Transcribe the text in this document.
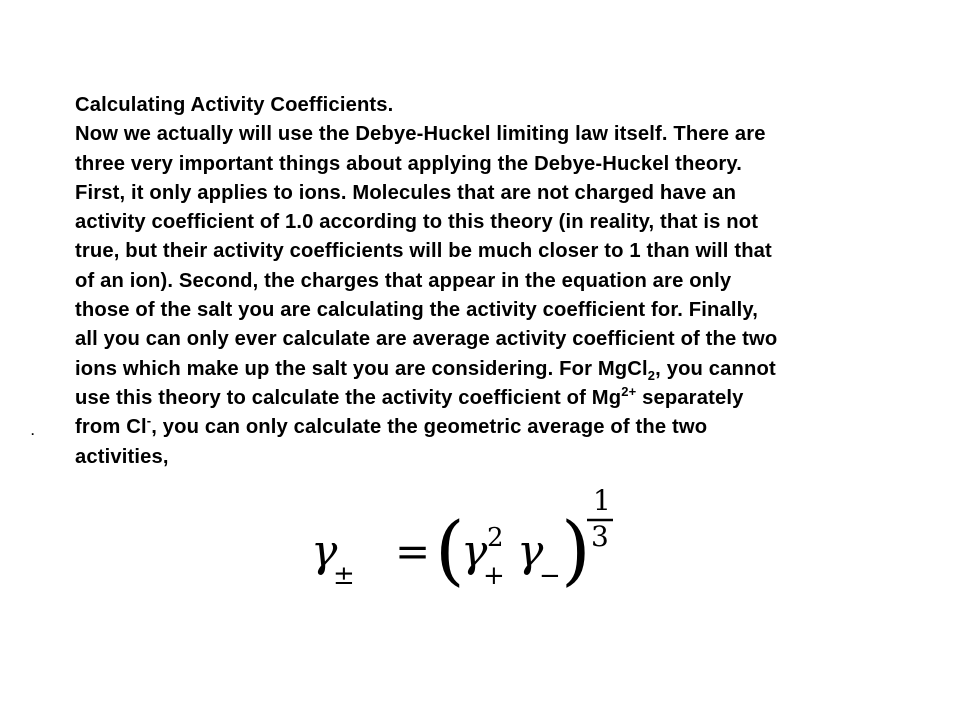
Calculating Activity Coefficients.
Now we actually will use the Debye-Huckel limiting law itself. There are
three very important things about applying the Debye-Huckel theory.
First, it only applies to ions. Molecules that are not charged have an
activity coefficient of 1.0 according to this theory (in reality, that is not
true, but their activity coefficients will be much closer to 1 than will that
of an ion). Second, the charges that appear in the equation are only
those of the salt you are calculating the activity coefficient for. Finally,
all you can only ever calculate are average activity coefficient of the two
ions which make up the salt you are considering. For MgCl$_2$, you cannot
use this theory to calculate the activity coefficient of $Mg^{2+}$ separately
from Cl-, you can only calculate the geometric average of the two
activities,
.
γ
± = (
γ 2
+ γ
− )
1
3
